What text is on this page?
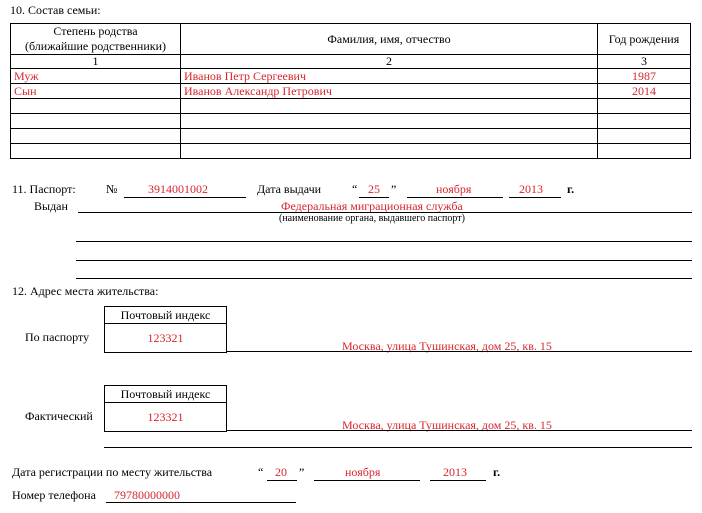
10. Состав семьи:
Степень родства
(ближайшие родственники)	Фамилия, имя, отчество	Год рождения
1	2	3
Муж	Иванов Петр Сергеевич	1987
Сын	Иванов Александр Петрович	2014

11. Паспорт:	№	3914001002	Дата выдачи	“ 25 ”	ноября	2013 г.
Выдан	Федеральная миграционная служба
(наименование органа, выдавшего паспорт)
12. Адрес места жительства:
Почтовый индекс
123321
По паспорту
Москва, улица Тушинская, дом 25, кв. 15
Почтовый индекс
123321
Фактический
Москва, улица Тушинская, дом 25, кв. 15
Дата регистрации по месту жительства	“ 20 ”	ноября	2013 г.
Номер телефона 79780000000
